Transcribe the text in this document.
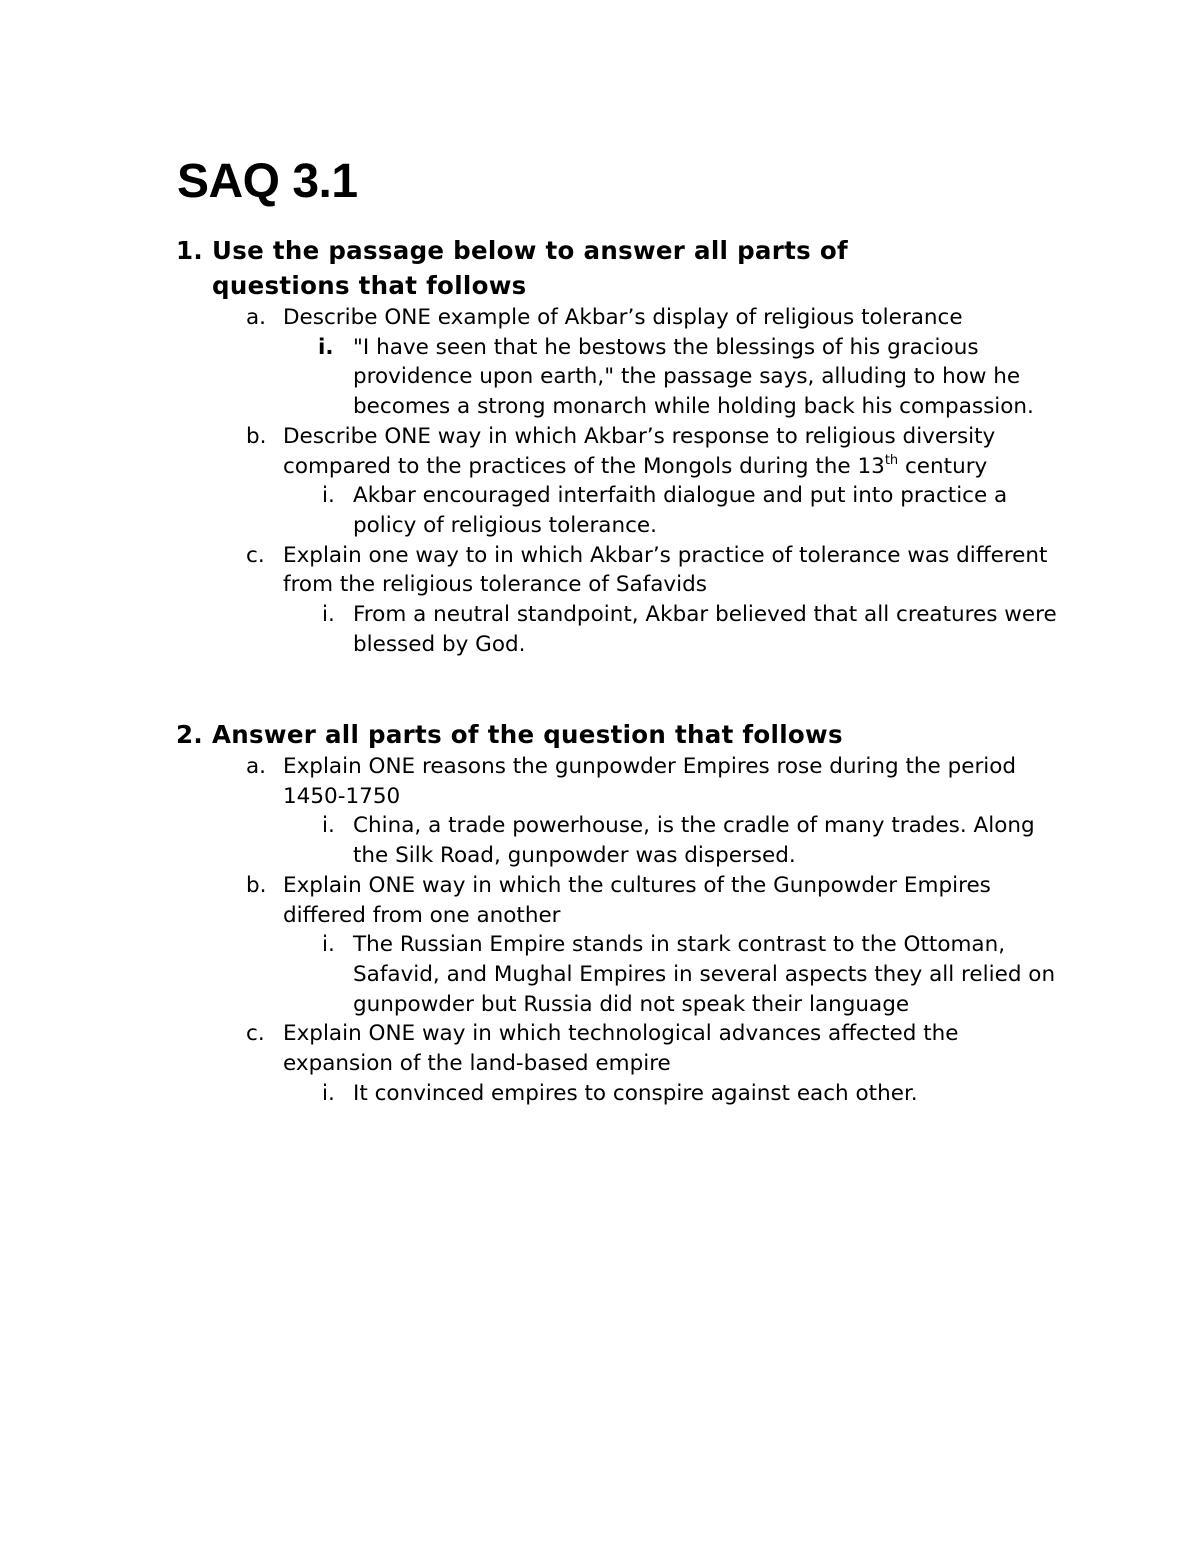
SAQ 3.1
1. Use the passage below to answer all parts of questions that follows
a. Describe ONE example of Akbar’s display of religious tolerance
i. "I have seen that he bestows the blessings of his gracious providence upon earth," the passage says, alluding to how he becomes a strong monarch while holding back his compassion.
b. Describe ONE way in which Akbar’s response to religious diversity compared to the practices of the Mongols during the 13th century
i. Akbar encouraged interfaith dialogue and put into practice a policy of religious tolerance.
c. Explain one way to in which Akbar’s practice of tolerance was different from the religious tolerance of Safavids
i. From a neutral standpoint, Akbar believed that all creatures were blessed by God.
2. Answer all parts of the question that follows
a. Explain ONE reasons the gunpowder Empires rose during the period 1450-1750
i. China, a trade powerhouse, is the cradle of many trades. Along the Silk Road, gunpowder was dispersed.
b. Explain ONE way in which the cultures of the Gunpowder Empires differed from one another
i. The Russian Empire stands in stark contrast to the Ottoman, Safavid, and Mughal Empires in several aspects they all relied on gunpowder but Russia did not speak their language
c. Explain ONE way in which technological advances affected the expansion of the land-based empire
i. It convinced empires to conspire against each other.
